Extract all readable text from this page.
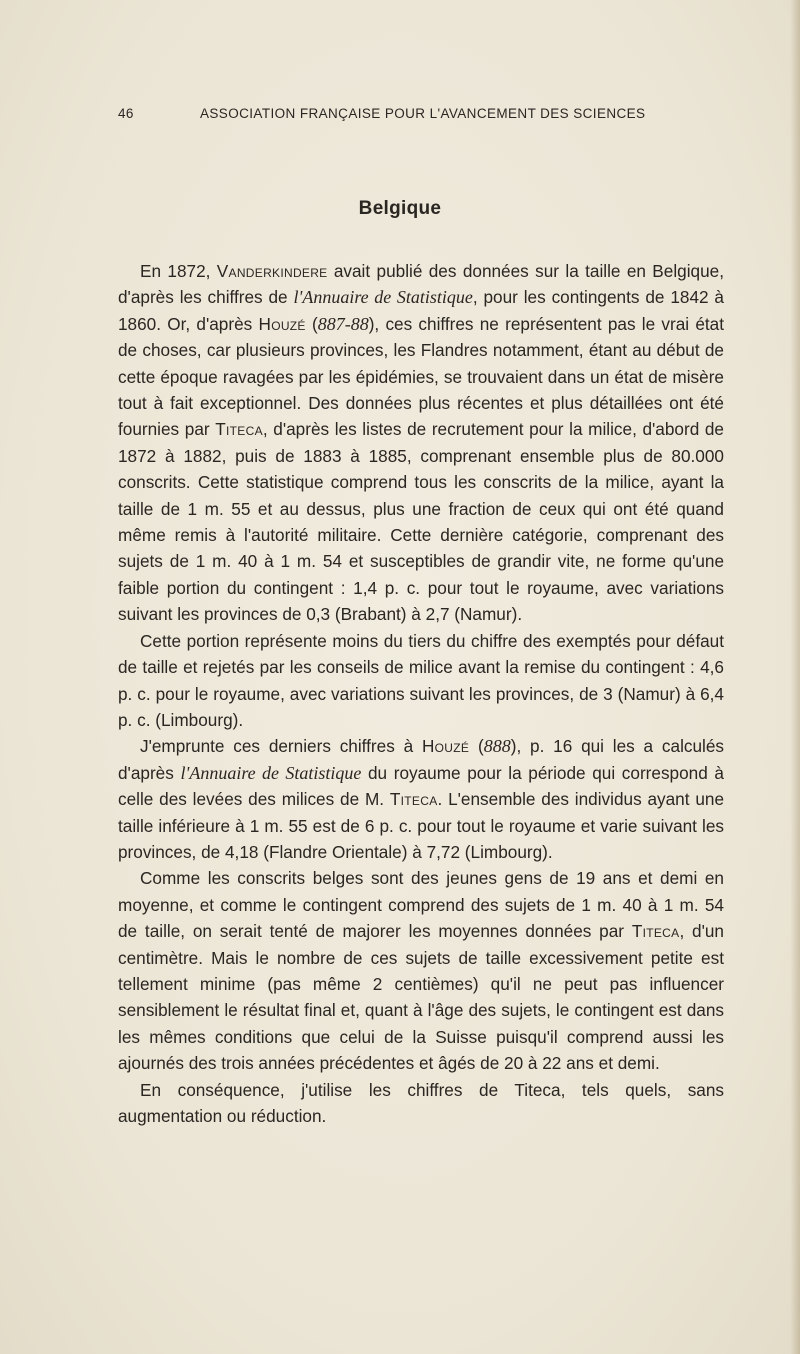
46	ASSOCIATION FRANÇAISE POUR L'AVANCEMENT DES SCIENCES
Belgique

En 1872, Vanderkindere avait publié des données sur la taille en Belgique, d'après les chiffres de l'Annuaire de Statistique, pour les contingents de 1842 à 1860. Or, d'après Houzé (887-88), ces chiffres ne représentent pas le vrai état de choses, car plusieurs provinces, les Flandres notamment, étant au début de cette époque ravagées par les épidémies, se trouvaient dans un état de misère tout à fait exceptionnel. Des données plus récentes et plus détaillées ont été fournies par Titeca, d'après les listes de recrutement pour la milice, d'abord de 1872 à 1882, puis de 1883 à 1885, comprenant ensemble plus de 80.000 conscrits. Cette statistique comprend tous les conscrits de la milice, ayant la taille de 1 m. 55 et au dessus, plus une fraction de ceux qui ont été quand même remis à l'autorité militaire. Cette dernière catégorie, comprenant des sujets de 1 m. 40 à 1 m. 54 et susceptibles de grandir vite, ne forme qu'une faible portion du contingent : 1,4 p. c. pour tout le royaume, avec variations suivant les provinces de 0,3 (Brabant) à 2,7 (Namur).

Cette portion représente moins du tiers du chiffre des exemptés pour défaut de taille et rejetés par les conseils de milice avant la remise du contingent : 4,6 p. c. pour le royaume, avec variations suivant les provinces, de 3 (Namur) à 6,4 p. c. (Limbourg).

J'emprunte ces derniers chiffres à Houzé (888), p. 16 qui les a calculés d'après l'Annuaire de Statistique du royaume pour la période qui correspond à celle des levées des milices de M. Titeca. L'ensemble des individus ayant une taille inférieure à 1 m. 55 est de 6 p. c. pour tout le royaume et varie suivant les provinces, de 4,18 (Flandre Orientale) à 7,72 (Limbourg).

Comme les conscrits belges sont des jeunes gens de 19 ans et demi en moyenne, et comme le contingent comprend des sujets de 1 m. 40 à 1 m. 54 de taille, on serait tenté de majorer les moyennes données par Titeca, d'un centimètre. Mais le nombre de ces sujets de taille excessivement petite est tellement minime (pas même 2 centièmes) qu'il ne peut pas influencer sensiblement le résultat final et, quant à l'âge des sujets, le contingent est dans les mêmes conditions que celui de la Suisse puisqu'il comprend aussi les ajournés des trois années précédentes et âgés de 20 à 22 ans et demi.

En conséquence, j'utilise les chiffres de Titeca, tels quels, sans augmentation ou réduction.
